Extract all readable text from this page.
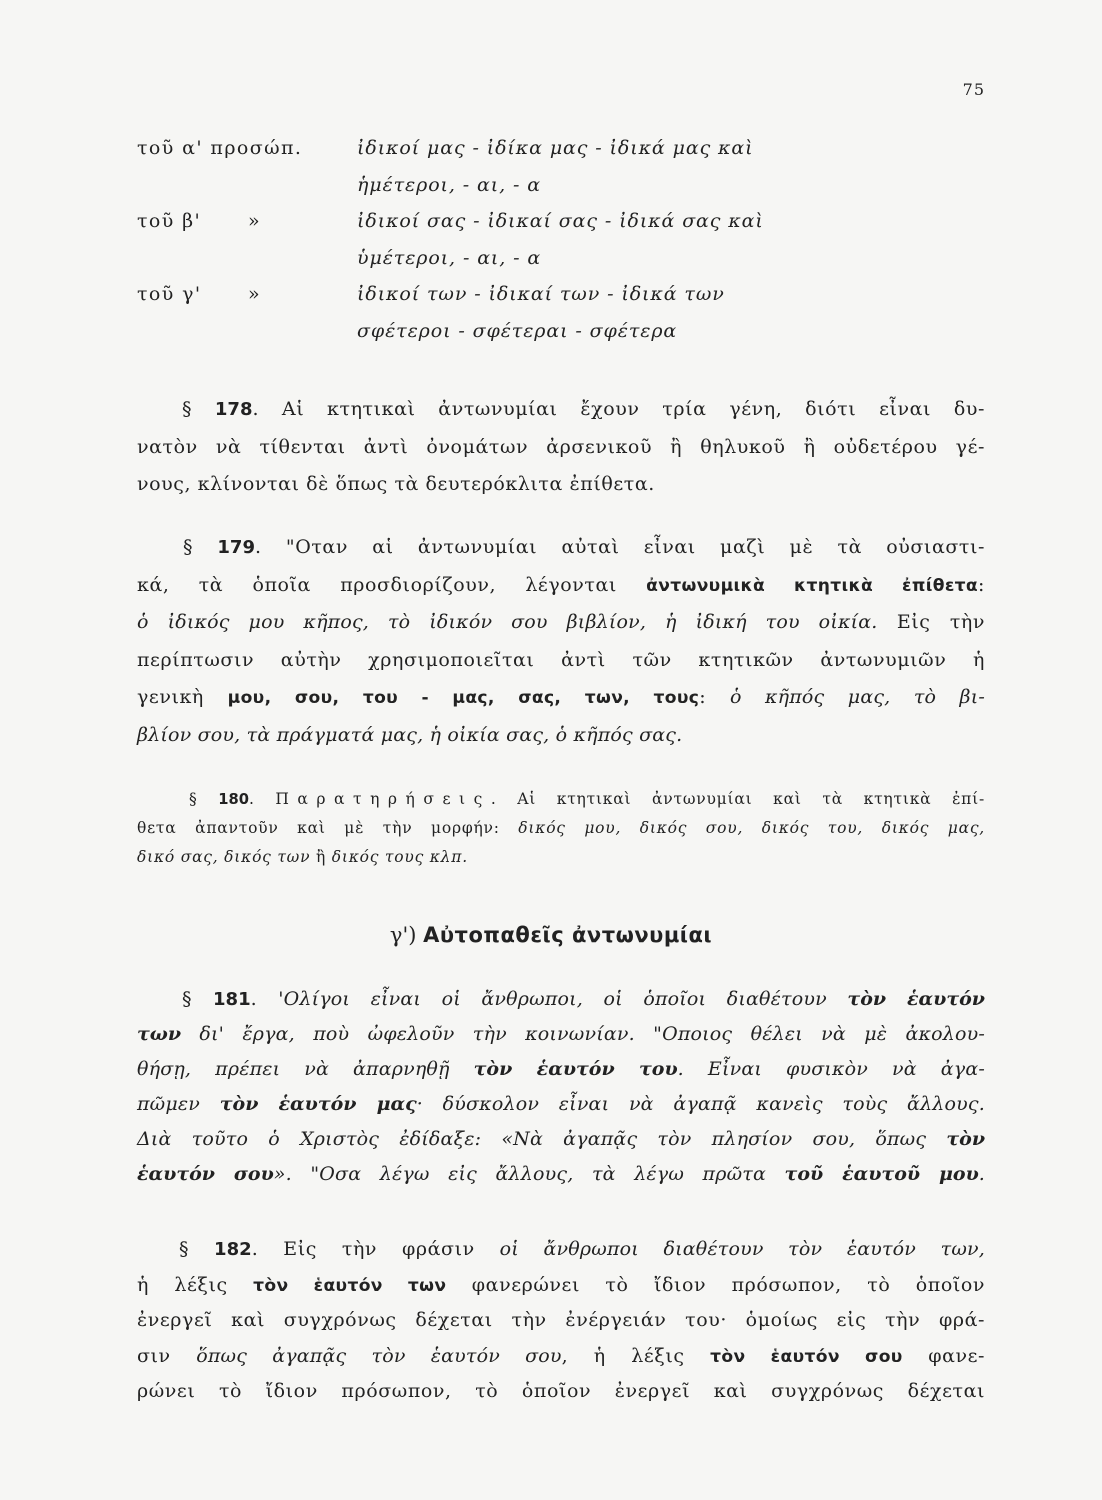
75
τοῦ α' προσώπ.	ἰδικοί μας - ἰδίκα μας - ἰδικά μας καὶ
ἡμέτεροι, - αι, - α
τοῦ β' »	ἰδικοί σας - ἰδικαί σας - ἰδικά σας καὶ
ὑμέτεροι, - αι, - α
τοῦ γ' »	ἰδικοί των - ἰδικαί των - ἰδικά των
σφέτεροι - σφέτεραι - σφέτερα
§ 178. Αἱ κτητικαὶ ἀντωνυμίαι ἔχουν τρία γένη, διότι εἶναι δυ-
νατὸν νὰ τίθενται ἀντὶ ὀνομάτων ἀρσενικοῦ ἢ θηλυκοῦ ἢ οὐδετέρου γέ-
νους, κλίνονται δὲ ὅπως τὰ δευτερόκλιτα ἐπίθετα.
§ 179. "Οταν αἱ ἀντωνυμίαι αὐταὶ εἶναι μαζὶ μὲ τὰ οὐσιαστι-
κά, τὰ ὁποῖα προσδιορίζουν, λέγονται ἀντωνυμικὰ κτητικὰ ἐπίθετα:
ὁ ἰδικός μου κῆπος, τὸ ἰδικόν σου βιβλίον, ἡ ἰδική του οἰκία. Εἰς τὴν
περίπτωσιν αὐτὴν χρησιμοποιεῖται ἀντὶ τῶν κτητικῶν ἀντωνυμιῶν ἡ
γενικὴ μου, σου, του - μας, σας, των, τους: ὁ κῆπός μας, τὸ βι-
βλίον σου, τὰ πράγματά μας, ἡ οἰκία σας, ὁ κῆπός σας.
§ 180. Παρατηρήσεις. Αἱ κτητικαὶ ἀντωνυμίαι καὶ τὰ κτητικὰ ἐπί-
θετα ἀπαντοῦν καὶ μὲ τὴν μορφήν: δικός μου, δικός σου, δικός του, δικός μας,
δικό σας, δικός των ἢ δικός τους κλπ.
γ') Αὐτοπαθεῖς ἀντωνυμίαι
§ 181. 'Ολίγοι εἶναι οἱ ἄνθρωποι, οἱ ὁποῖοι διαθέτουν τὸν ἑαυτόν
των δι' ἔργα, ποὺ ὠφελοῦν τὴν κοινωνίαν. "Οποιος θέλει νὰ μὲ ἀκολου-
θήσῃ, πρέπει νὰ ἀπαρνηθῇ τὸν ἑαυτόν του. Εἶναι φυσικὸν νὰ ἀγα-
πῶμεν τὸν ἑαυτόν μας· δύσκολον εἶναι νὰ ἀγαπᾷ κανεὶς τοὺς ἄλλους.
Διὰ τοῦτο ὁ Χριστὸς ἐδίδαξε: «Νὰ ἀγαπᾷς τὸν πλησίον σου, ὅπως τὸν
ἑαυτόν σου». "Οσα λέγω εἰς ἄλλους, τὰ λέγω πρῶτα τοῦ ἑαυτοῦ μου.
§ 182. Εἰς τὴν φράσιν οἱ ἄνθρωποι διαθέτουν τὸν ἑαυτόν των,
ἡ λέξις τὸν ἑαυτόν των φανερώνει τὸ ἴδιον πρόσωπον, τὸ ὁποῖον
ἐνεργεῖ καὶ συγχρόνως δέχεται τὴν ἐνέργειάν του· ὁμοίως εἰς τὴν φρά-
σιν ὅπως ἀγαπᾷς τὸν ἑαυτόν σου, ἡ λέξις τὸν ἑαυτόν σου φανε-
ρώνει τὸ ἴδιον πρόσωπον, τὸ ὁποῖον ἐνεργεῖ καὶ συγχρόνως δέχεται
